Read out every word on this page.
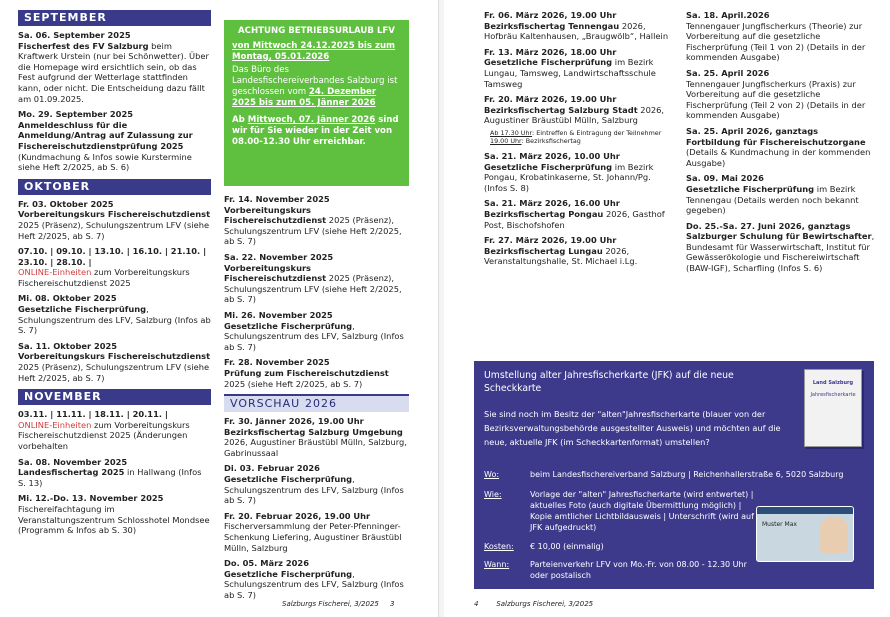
SEPTEMBER
Sa. 06. September 2025
Fischerfest des FV Salzburg beim Kraftwerk Urstein (nur bei Schönwetter). Über die Homepage wird ersichtlich sein, ob das Fest aufgrund der Wetterlage stattfinden kann, oder nicht. Die Entscheidung dazu fällt am 01.09.2025.
Mo. 29. September 2025
Anmeldeschluss für die Anmeldung/Antrag auf Zulassung zur Fischereischutzdienstprüfung 2025 (Kundmachung & Infos sowie Kurstermine siehe Heft 2/2025, ab S. 6)
OKTOBER
Fr. 03. Oktober 2025
Vorbereitungskurs Fischereischutzdienst 2025 (Präsenz), Schulungszentrum LFV (siehe Heft 2/2025, ab S. 7)
07.10. | 09.10. | 13.10. | 16.10. | 21.10. | 23.10. | 28.10. |
ONLINE-Einheiten zum Vorbereitungskurs Fischereischutzdienst 2025
Mi. 08. Oktober 2025
Gesetzliche Fischerprüfung, Schulungszentrum des LFV, Salzburg (Infos ab S. 7)
Sa. 11. Oktober 2025
Vorbereitungskurs Fischereischutzdienst 2025 (Präsenz), Schulungszentrum LFV (siehe Heft 2/2025, ab S. 7)
NOVEMBER
03.11. | 11.11. | 18.11. | 20.11. |
ONLINE-Einheiten zum Vorbereitungskurs Fischereischutzdienst 2025 (Änderungen vorbehalten
Sa. 08. November 2025
Landesfischertag 2025 in Hallwang (Infos S. 13)
Mi. 12.-Do. 13. November 2025
Fischereifachtagung im Veranstaltungszentrum Schlosshotel Mondsee (Programm & Infos ab S. 30)
ACHTUNG BETRIEBSURLAUB LFV
von Mittwoch 24.12.2025 bis zum Montag, 05.01.2026
Das Büro des Landesfischereiverbandes Salzburg ist geschlossen vom 24. Dezember 2025 bis zum 05. Jänner 2026
Ab Mittwoch, 07. Jänner 2026 sind wir für Sie wieder in der Zeit von 08.00-12.30 Uhr erreichbar.
Fr. 14. November 2025
Vorbereitungskurs Fischereischutzdienst 2025 (Präsenz), Schulungszentrum LFV (siehe Heft 2/2025, ab S. 7)
Sa. 22. November 2025
Vorbereitungskurs Fischereischutzdienst 2025 (Präsenz), Schulungszentrum LFV (siehe Heft 2/2025, ab S. 7)
Mi. 26. November 2025
Gesetzliche Fischerprüfung, Schulungszentrum des LFV, Salzburg (Infos ab S. 7)
Fr. 28. November 2025
Prüfung zum Fischereischutzdienst 2025 (siehe Heft 2/2025, ab S. 7)
VORSCHAU 2026
Fr. 30. Jänner 2026, 19.00 Uhr
Bezirksfischertag Salzburg Umgebung 2026, Augustiner Bräustübl Mülln, Salzburg, Gabrinussaal
Di. 03. Februar 2026
Gesetzliche Fischerprüfung, Schulungszentrum des LFV, Salzburg (Infos ab S. 7)
Fr. 20. Februar 2026, 19.00 Uhr
Fischerversammlung der Peter-Pfenninger-Schenkung Liefering, Augustiner Bräustübl Mülln, Salzburg
Do. 05. März 2026
Gesetzliche Fischerprüfung, Schulungszentrum des LFV, Salzburg (Infos ab S. 7)
Salzburgs Fischerei, 3/2025 3
Fr. 06. März 2026, 19.00 Uhr
Bezirksfischertag Tennengau 2026, Hofbräu Kaltenhausen, „Braugwölb“, Hallein
Fr. 13. März 2026, 18.00 Uhr
Gesetzliche Fischerprüfung im Bezirk Lungau, Tamsweg, Landwirtschaftsschule Tamsweg
Fr. 20. März 2026, 19.00 Uhr
Bezirksfischertag Salzburg Stadt 2026, Augustiner Bräustübl Mülln, Salzburg
Ab 17.30 Uhr: Eintreffen & Eintragung der Teilnehmer
19.00 Uhr: Bezirksfischertag
Sa. 21. März 2026, 10.00 Uhr
Gesetzliche Fischerprüfung im Bezirk Pongau, Krobatinkaserne, St. Johann/Pg. (Infos S. 8)
Sa. 21. März 2026, 16.00 Uhr
Bezirksfischertag Pongau 2026, Gasthof Post, Bischofshofen
Fr. 27. März 2026, 19.00 Uhr
Bezirksfischertag Lungau 2026, Veranstaltungshalle, St. Michael i.Lg.
Sa. 18. April.2026
Tennengauer Jungfischerkurs (Theorie) zur Vorbereitung auf die gesetzliche Fischerprüfung (Teil 1 von 2) (Details in der kommenden Ausgabe)
Sa. 25. April 2026
Tennengauer Jungfischerkurs (Praxis) zur Vorbereitung auf die gesetzliche Fischerprüfung (Teil 2 von 2) (Details in der kommenden Ausgabe)
Sa. 25. April 2026, ganztags
Fortbildung für Fischereischutzorgane (Details & Kundmachung in der kommenden Ausgabe)
Sa. 09. Mai 2026
Gesetzliche Fischerprüfung im Bezirk Tennengau (Details werden noch bekannt gegeben)
Do. 25.-Sa. 27. Juni 2026, ganztags
Salzburger Schulung für Bewirtschafter, Bundesamt für Wasserwirtschaft, Institut für Gewässerökologie und Fischereiwirtschaft (BAW-IGF), Scharfling (Infos S. 6)
Umstellung alter Jahresfischerkarte (JFK) auf die neue Scheckkarte	Land Salzburg
Jahresfischerkarte
Sie sind noch im Besitz der "alten"Jahresfischerkarte (blauer von der Bezirksverwaltungsbehörde ausgestellter Ausweis) und möchten auf die neue, aktuelle JFK (im Scheckkartenformat) umstellen?
Wo:	beim Landesfischereiverband Salzburg | Reichenhallerstraße 6, 5020 Salzburg
Wie:	Vorlage der "alten" Jahresfischerkarte (wird entwertet) | aktuelles Foto (auch digitale Übermittlung möglich) | Kopie amtlicher Lichtbildausweis | Unterschrift (wird auf JFK aufgedruckt)
Kosten: € 10,00 (einmalig)
Wann:	Parteienverkehr LFV von Mo.-Fr. von 08.00 - 12.30 Uhr oder postalisch
Muster Max
4	Salzburgs Fischerei, 3/2025
